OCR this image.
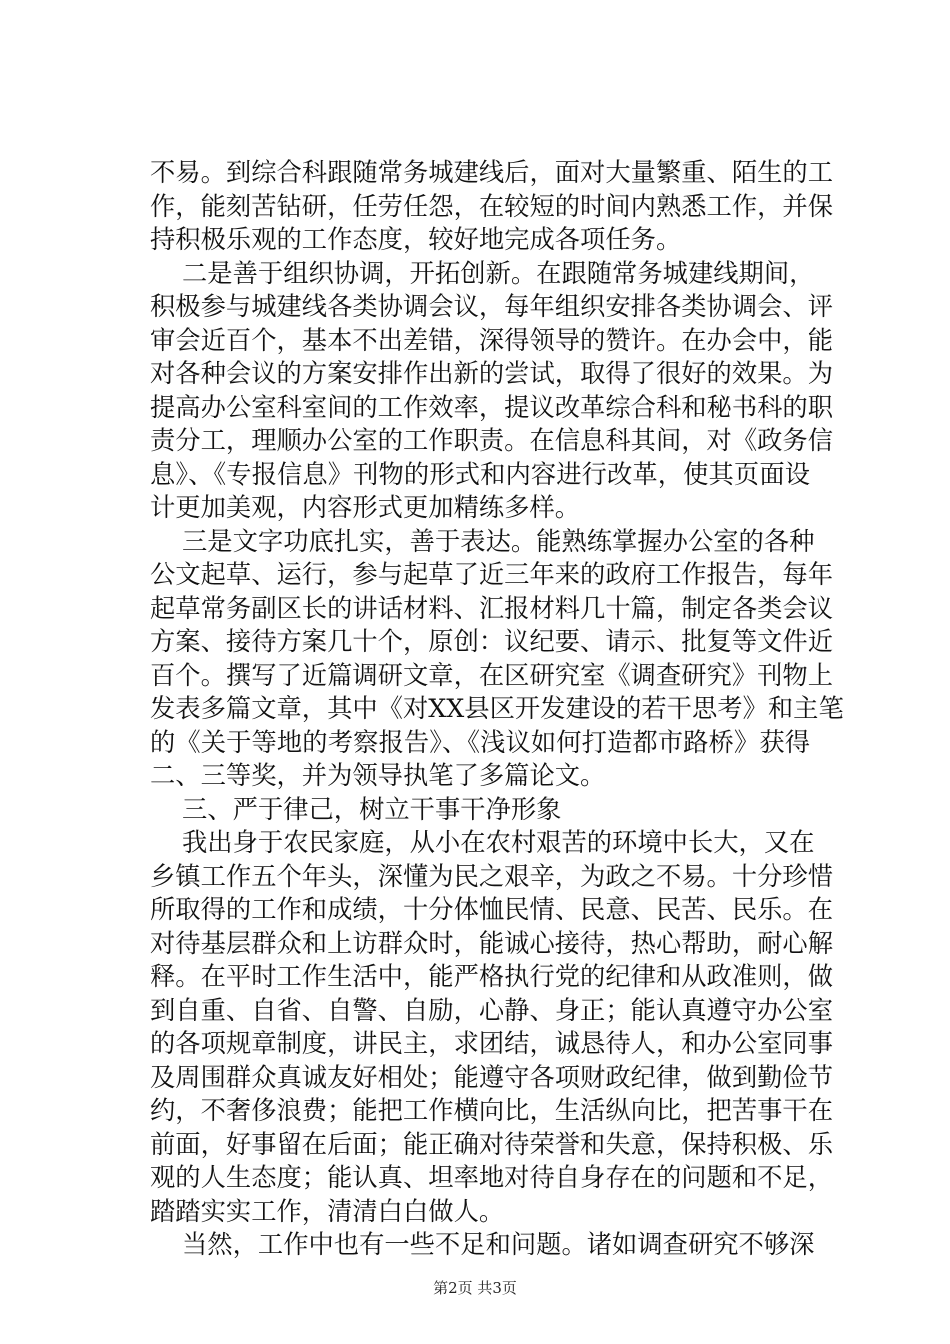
不易。到综合科跟随常务城建线后，面对大量繁重、陌生的工
作，能刻苦钻研，任劳任怨，在较短的时间内熟悉工作，并保
持积极乐观的工作态度，较好地完成各项任务。
二是善于组织协调，开拓创新。在跟随常务城建线期间，
积极参与城建线各类协调会议，每年组织安排各类协调会、评
审会近百个，基本不出差错，深得领导的赞许。在办会中，能
对各种会议的方案安排作出新的尝试，取得了很好的效果。为
提高办公室科室间的工作效率，提议改革综合科和秘书科的职
责分工，理顺办公室的工作职责。在信息科其间，对《政务信
息》、《专报信息》刊物的形式和内容进行改革，使其页面设
计更加美观，内容形式更加精练多样。
三是文字功底扎实，善于表达。能熟练掌握办公室的各种
公文起草、运行，参与起草了近三年来的政府工作报告，每年
起草常务副区长的讲话材料、汇报材料几十篇，制定各类会议
方案、接待方案几十个，原创：议纪要、请示、批复等文件近
百个。撰写了近篇调研文章，在区研究室《调查研究》刊物上
发表多篇文章，其中《对XX县区开发建设的若干思考》和主笔
的《关于等地的考察报告》、《浅议如何打造都市路桥》获得
二、三等奖，并为领导执笔了多篇论文。
三、严于律己，树立干事干净形象
我出身于农民家庭，从小在农村艰苦的环境中长大，又在
乡镇工作五个年头，深懂为民之艰辛，为政之不易。十分珍惜
所取得的工作和成绩，十分体恤民情、民意、民苦、民乐。在
对待基层群众和上访群众时，能诚心接待，热心帮助，耐心解
释。在平时工作生活中，能严格执行党的纪律和从政准则，做
到自重、自省、自警、自励，心静、身正；能认真遵守办公室
的各项规章制度，讲民主，求团结，诚恳待人，和办公室同事
及周围群众真诚友好相处；能遵守各项财政纪律，做到勤俭节
约，不奢侈浪费；能把工作横向比，生活纵向比，把苦事干在
前面，好事留在后面；能正确对待荣誉和失意，保持积极、乐
观的人生态度；能认真、坦率地对待自身存在的问题和不足，
踏踏实实工作，清清白白做人。
当然，工作中也有一些不足和问题。诸如调查研究不够深
第2页 共3页
